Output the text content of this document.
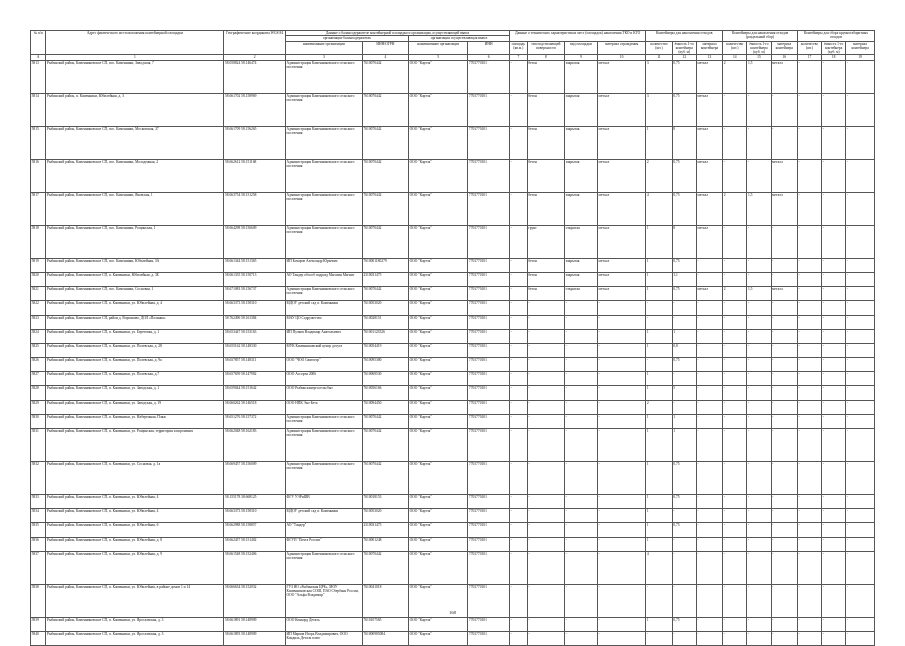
№ п/п	Адрес фактического местоположения контейнерной площадки	Географические координаты WGS 84	Данные о балансодержателе контейнерной площадки и организации, осуществляющей вывоз				Данные о технических характеристиках мест (площадок) накопления ТКО и КГО				Контейнеры для накопления отходов			Контейнеры для накопления отходов (раздельный сбор)			Контейнеры для сбора крупногабаритных отходов		
			организация-балансодержатель		организация осуществляющая вывоз														
			наименование организации	ИНН/ОГРН	наименование организации	ИНН	площадь (кв.м.)	тип подстилающей поверхности	вид площадки	материал ограждения	количество (шт.)	ёмкость 1-го контейнера (куб. м)	материал контейнера	количество (шт.)	ёмкость 1-го контейнера (куб. м)	материал контейнера	количество (шт.)	ёмкость 1-го контейнера (куб. м)	материал контейнера
А	1	2	3	4	5	6	7	8	9	10	11	12	13	14	15	16	17	18	19
5813	Рыбинский район, Каменниковское СП, пос. Каменники, Заводская, 7	58.058824 58.146474	Администрация Каменниковского сельского поселения	7610070442	ООО "Картэк"	7703770101	-	бетон	закрытая	металл	3	0,75	металл	2	1,5	металл	-	-	-
5814	Рыбинский район, п. Каменники, Юбилейная, д. 3	58.661702 58.158969	Администрация Каменниковского сельского поселения	7610070442	ООО "Картэк"	7703770101	-	бетон	закрытая	металл	3	0,75	металл	-	-	-	-	-	-
5815	Рыбинский район, Каменниковское СП, пос. Каменники, Московская, 37	58.661709 58.156265	Администрация Каменниковского сельского поселения	7610070442	ООО "Картэк"	7703770101	-	бетон	закрытая	металл	1	8	металл	-	-	-	-	-	-
5816	Рыбинский район, Каменниковское СП, пос. Каменники, Молодежная, 2	58.662612 58.151168	Администрация Каменниковского сельского поселения	7610070442	ООО "Картэк"	7703770101	-	бетон	закрытая	металл	2	0,75	металл	-	-	металл	-	-	-
5817	Рыбинский район, Каменниковское СП, пос. Каменники, Яковская, 1	58.663754 58.151258	Администрация Каменниковского сельского поселения	7610070442	ООО "Картэк"	7703770101	-	бетон	закрытая	металл	4	0,75	металл	2	1,5	металл	-	-	-
5818	Рыбинский район, Каменниковское СП, пос. Каменники, Рощинская, 1	58.664298 58.156609	Администрация Каменниковского сельского поселения	7610070442	ООО "Картэк"	7703770101	-	грунт	открытая	металл	1	8	металл	-	-	-	-	-	-
5819	Рыбинский район, Каменниковское СП, пос. Каменники, Юбилейная, 3А	58.661344 58.151365	ИП Бочаров Александр Юрьевич	7610001180279	ООО "Картэк"	7703770101	-	бетон	закрытая	металл	1	0,75	-	-	-	-	-	-	-
5820	Рыбинский район, Каменниковское СП, п. Каменники, Юбилейная, д. 3Б	58.661335 58.150713	АО Тандер обособ подразд Магазин Магнит	2310031475	ООО "Картэк"	7703770101	-	бетон	закрытая	металл	1	1,1	-	-	-	-	-	-	-
5821	Рыбинский район, Каменниковское СП, пос. Каменники, Сосновая, 1	58.671083 58.156737	Администрация Каменниковского сельского поселения	7610070442	ООО "Картэк"	7703770101	-	бетон	открытая	металл	1	0,75	металл	2	1,5	металл	-	-	-
5822	Рыбинский район, Каменниковское СП, п. Каменники, ул. Юбилейная, д. 4	58.663373 58.158310	МДОУ детский сад п. Каменники	7610053020	ООО "Картэк"	7703770101	-	-	-	-	-	-	-	-	-	-	-	-	-
5823	Рыбинский район, Каменниковское СП, район д. Воронково, ДОЛ «Полянка»	58.762496 58.161384	МАУ ЦО Содружество	7610028151	ООО "Картэк"	7703770101	-	-	-	-	-	-	-	-	-	-	-	-	-
5824	Рыбинский район, Каменниковское СП, п. Каменники, ул. Береговая, д. 1	58.653447 58.153163	ИП Пучков Владимир Анатольевич	761001123526	ООО "Картэк"	7703770101	-	-	-	-	1	1	-	-	-	-	-	-	-
5825	Рыбинский район, Каменниковское СП, п. Каменники, ул. Полевская, д. 28	58.655162 58.148330	МУК Каменниковский центр досуга	7610054419	ООО "Картэк"	7703770101	-	-	-	-	1	0,8	-	-	-	-	-	-	-
5826	Рыбинский район, Каменниковское СП, п. Каменники, ул. Полевская, д. 9а	58.657857 58.148311	ООО "ЧОО Святогор"	7610095380	ООО "Картэк"	7703770101	-	-	-	-	-	0,75	-	-	-	-	-	-	-
5827	Рыбинский район, Каменниковское СП, п. Каменники, ул. Полевская, д.7	58.657659 58.147902	ООО Ассорти 2006	7610069530	ООО "Картэк"	7703770101	-	-	-	-	1	-	-	-	-	-	-	-	-
5828	Рыбинский район, Каменниковское СП, п. Каменники, ул. Заводская, д. 1	58.659044 58.151642	ООО Рыбинскэнергосельсбыт	7610056166	ООО "Картэк"	7703770101	-	-	-	-	1	5	-	-	-	-	-	-	-
5829	Рыбинский район, Каменниковское СП, п. Каменники, ул. Заводская, д. 19	58.660262 58.146518	ООО НПК Эко-Бета	7610094450	ООО "Картэк"	7703770101	-	-	-	-	2	-	-	-	-	-	-	-	-
5830	Рыбинский район, Каменниковское СП, п. Каменники, ул. Набережная, Пляж	58.651276 58.157372	Администрация Каменниковского сельского поселения	7610070442	ООО "Картэк"	7703770101	-	-	-	-	1	1	-	-	-	-	-	-	-
5831	Рыбинский район, Каменниковское СП, п. Каменники, ул. Рощинская, территория захоронения	58.662048 58.162183	Администрация Каменниковского сельского поселения	7610070442	ООО "Картэк"	7703770101	-	-	-	-	1	1	-	-	-	-	-	-	-
5832	Рыбинский район, Каменниковское СП, п. Каменники, ул. Сосновая, д. 1а	58.669457 58.156009	Администрация Каменниковского сельского поселения	7610070442	ООО "Картэк"	7703770101	-	-	-	-	1	0,75	-	-	-	-	-	-	-
5833	Рыбинский район, Каменниковское СП, п. Каменники, ул. Юбилейная, 4	58.155178 38.668125	ФГУ УЭРиШВ	7610018153	ООО "Картэк"	7703770101	-	-	-	-	1	0,75	-	-	-	-	-	-	-
5834	Рыбинский район, Каменниковское СП, п. Каменники, ул. Юбилейная, 4	58.663373 58.158310	МДОУ детский сад п. Каменники	7610053020	ООО "Картэк"	7703770101	-	-	-	-	1	-	-	-	-	-	-	-	-
5835	Рыбинский район, Каменниковское СП, п. Каменники, ул. Юбилейная, 6	58.662988 58.158857	АО "Тандер"	2310031475	ООО "Картэк"	7703770101	-	-	-	-	1	0,75	-	-	-	-	-	-	-
5836	Рыбинский район, Каменниковское СП, п. Каменники, ул. Юбилейная, д. 8	58.662457 58.151402	ФГУП "Почта России"	7610001248	ООО "Картэк"	7703770101	-	-	-	-	1	-	-	-	-	-	-	-	-
5837	Рыбинский район, Каменниковское СП, п. Каменники, ул. Юбилейная, д. 9	58.661548 58.152406	Администрация Каменниковского сельского поселения	7610070442	ООО "Картэк"	7703770101	-	-	-	-	4	-	-	-	-	-	-	-	-
5838	Рыбинский район, Каменниковское СП, п. Каменники, ул. Юбилейная, в районе домов 1 и 14	58.666634 58.152032	ГУЗ ЯО «Рыбинская ЦРБ», МОУ Каменниковская СОШ, ПАО Сбербанк России, ООО "Альфа Владимир"	7610041018	ООО "Картэк"	7703770101	-	-	-	-	-	-	-	-	-	-	-	-	-
5839	Рыбинский район, Каменниковское СП, п. Каменники, ул. Ярославская, д. 3	58.661891 58.148909	ООО Конкорд Деталь	7610107565	ООО "Картэк"	7703770101	-	-	-	-	1	0,75	-	-	-	-	-	-	-
5840	Рыбинский район, Каменниковское СП, п. Каменники, ул. Ярославская, д. 3	58.661893 58.148909	ИП Марков Игорь Владимирович, ООО Кондиль Деталь плюс	761000985084	ООО "Картэк"	7703770101	-	-	-	-	-	-	-	-	-	-	-	-	-
168
